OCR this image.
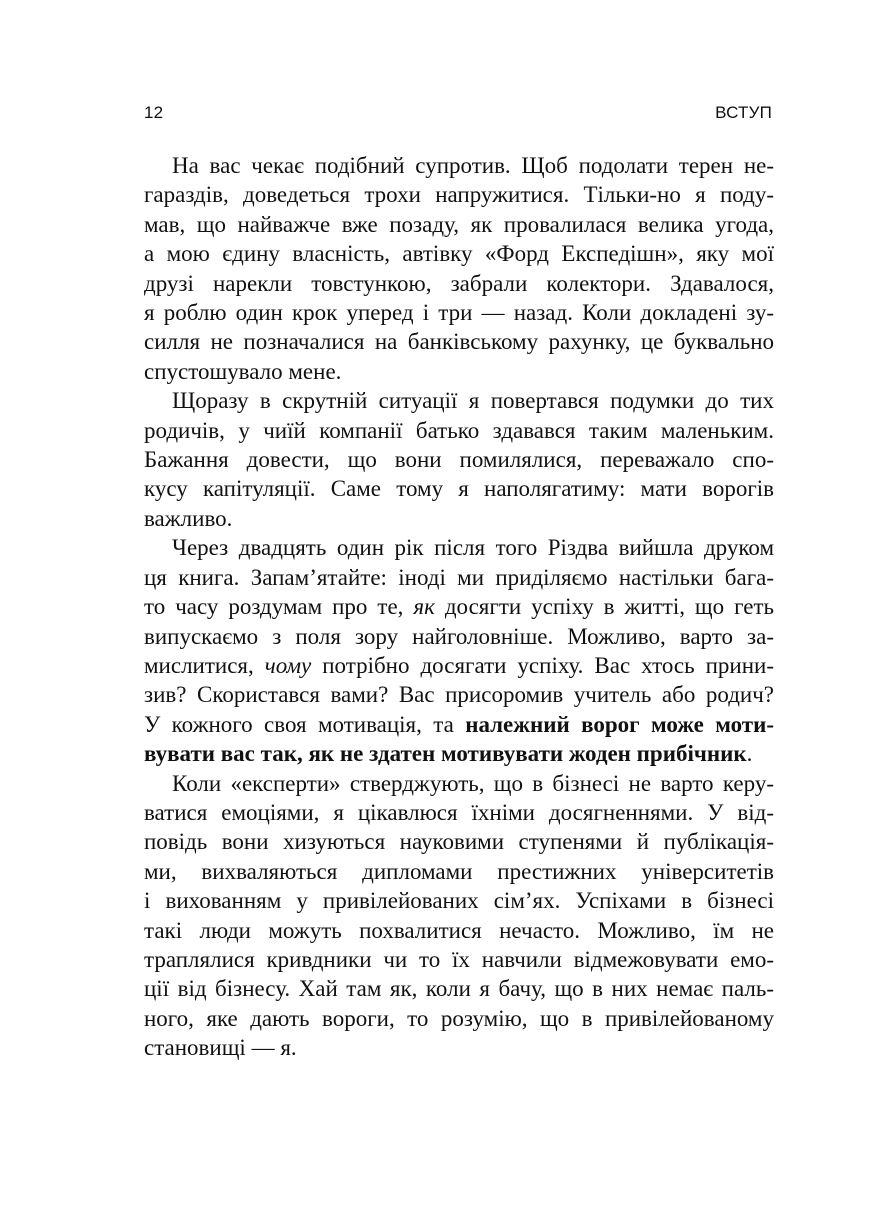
12	ВСТУП
На вас чекає подібний супротив. Щоб подолати терен не-
гараздів, доведеться трохи напружитися. Тільки-но я поду-
мав, що найважче вже позаду, як провалилася велика угода,
а мою єдину власність, автівку «Форд Експедішн», яку мої
друзі нарекли товстункою, забрали колектори. Здавалося,
я роблю один крок уперед і три — назад. Коли докладені зу-
силля не позначалися на банківському рахунку, це буквально
спустошувало мене.
Щоразу в скрутній ситуації я повертався подумки до тих
родичів, у чиїй компанії батько здавався таким маленьким.
Бажання довести, що вони помилялися, переважало спо-
кусу капітуляції. Саме тому я наполягатиму: мати ворогів
важливо.
Через двадцять один рік після того Різдва вийшла друком
ця книга. Запам’ятайте: іноді ми приділяємо настільки бага-
то часу роздумам про те, як досягти успіху в житті, що геть
випускаємо з поля зору найголовніше. Можливо, варто за-
мислитися, чому потрібно досягати успіху. Вас хтось прини-
зив? Скористався вами? Вас присоромив учитель або родич?
У кожного своя мотивація, та належний ворог може моти-
вувати вас так, як не здатен мотивувати жоден прибічник.
Коли «експерти» стверджують, що в бізнесі не варто керу-
ватися емоціями, я цікавлюся їхніми досягненнями. У від-
повідь вони хизуються науковими ступенями й публікація-
ми, вихваляються дипломами престижних університетів
і вихованням у привілейованих сім’ях. Успіхами в бізнесі
такі люди можуть похвалитися нечасто. Можливо, їм не
траплялися кривдники чи то їх навчили відмежовувати емо-
ції від бізнесу. Хай там як, коли я бачу, що в них немає паль-
ного, яке дають вороги, то розумію, що в привілейованому
становищі — я.
